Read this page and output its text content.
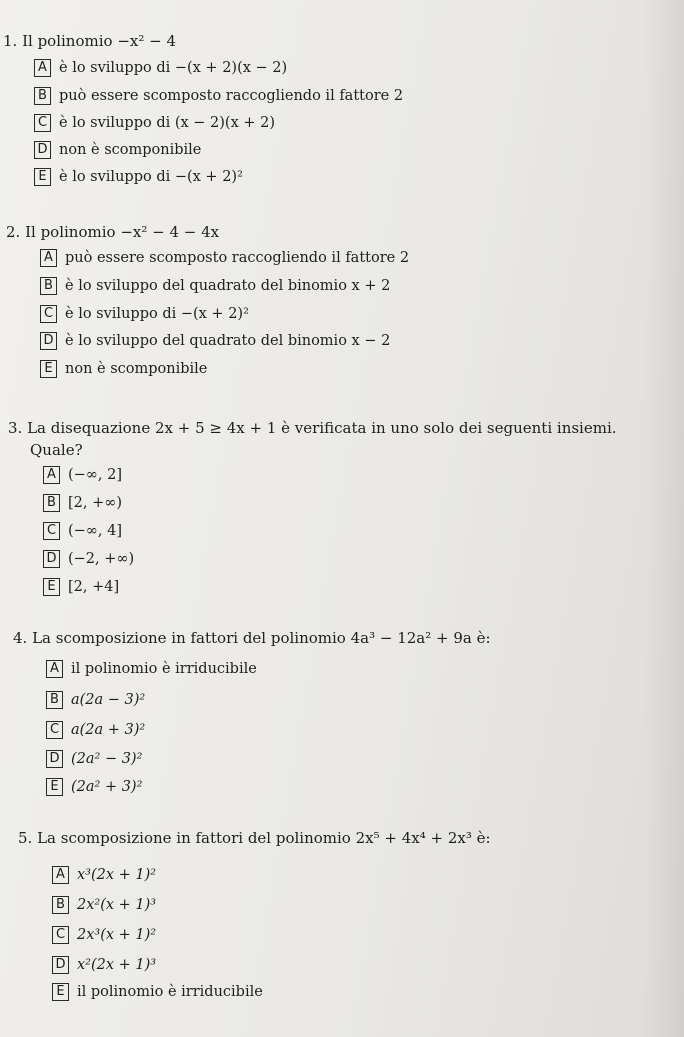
1. Il polinomio −x² − 4
A è lo sviluppo di −(x + 2)(x − 2)
B può essere scomposto raccogliendo il fattore 2
C è lo sviluppo di (x − 2)(x + 2)
D non è scomponibile
E è lo sviluppo di −(x + 2)²
2. Il polinomio −x² − 4 − 4x
A può essere scomposto raccogliendo il fattore 2
B è lo sviluppo del quadrato del binomio x + 2
C è lo sviluppo di −(x + 2)²
D è lo sviluppo del quadrato del binomio x − 2
E non è scomponibile
3. La disequazione 2x + 5 ≥ 4x + 1 è verificata in uno solo dei seguenti insiemi.
Quale?
A (−∞, 2]
B [2, +∞)
C (−∞, 4]
D (−2, +∞)
E [2, +4]
4. La scomposizione in fattori del polinomio 4a³ − 12a² + 9a è:
A il polinomio è irriducibile
B a(2a − 3)²
C a(2a + 3)²
D (2a² − 3)²
E (2a² + 3)²
5. La scomposizione in fattori del polinomio 2x⁵ + 4x⁴ + 2x³ è:
A x³(2x + 1)²
B 2x²(x + 1)³
C 2x³(x + 1)²
D x²(2x + 1)³
E il polinomio è irriducibile
